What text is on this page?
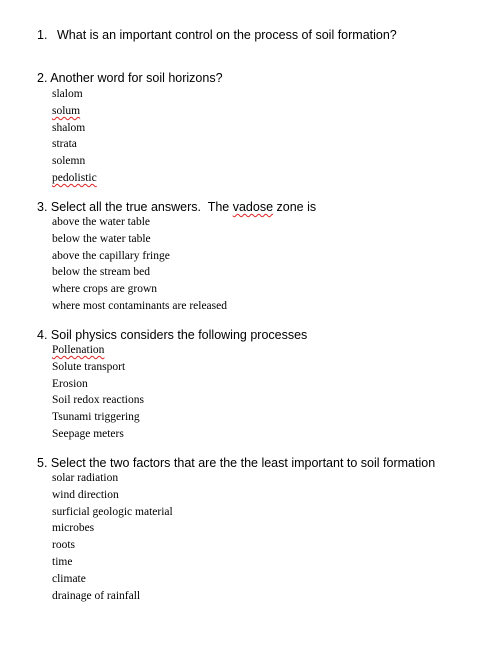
1. What is an important control on the process of soil formation?
2. Another word for soil horizons?
slalom
solum
shalom
strata
solemn
pedolistic
3. Select all the true answers.  The vadose zone is
above the water table
below the water table
above the capillary fringe
below the stream bed
where crops are grown
where most contaminants are released
4. Soil physics considers the following processes
Pollenation
Solute transport
Erosion
Soil redox reactions
Tsunami triggering
Seepage meters
5. Select the two factors that are the the least important to soil formation
solar radiation
wind direction
surficial geologic material
microbes
roots
time
climate
drainage of rainfall
